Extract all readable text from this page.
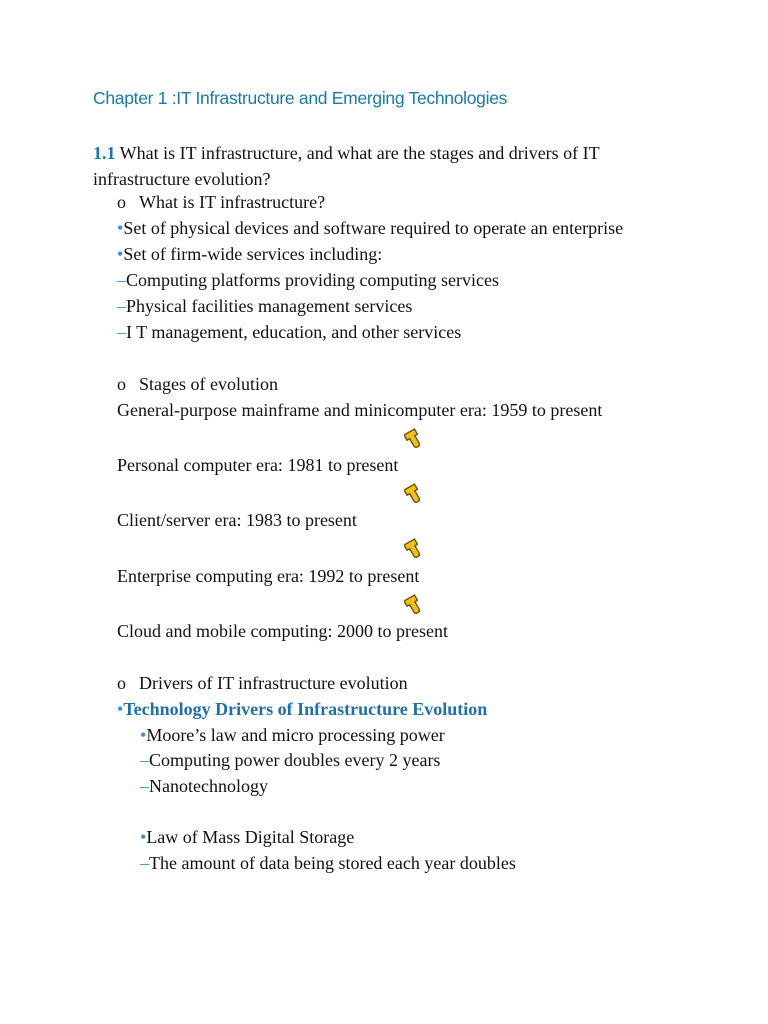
Chapter 1 :IT Infrastructure and Emerging Technologies
1.1 What is IT infrastructure, and what are the stages and drivers of IT
infrastructure evolution?
o What is IT infrastructure?
•Set of physical devices and software required to operate an enterprise
•Set of firm-wide services including:
–Computing platforms providing computing services
–Physical facilities management services
–I T management, education, and other services
o Stages of evolution
General-purpose mainframe and minicomputer era: 1959 to present
Personal computer era: 1981 to present
Client/server era: 1983 to present
Enterprise computing era: 1992 to present
Cloud and mobile computing: 2000 to present
o Drivers of IT infrastructure evolution
•Technology Drivers of Infrastructure Evolution
•Moore’s law and micro processing power
–Computing power doubles every 2 years
–Nanotechnology
•Law of Mass Digital Storage
–The amount of data being stored each year doubles
